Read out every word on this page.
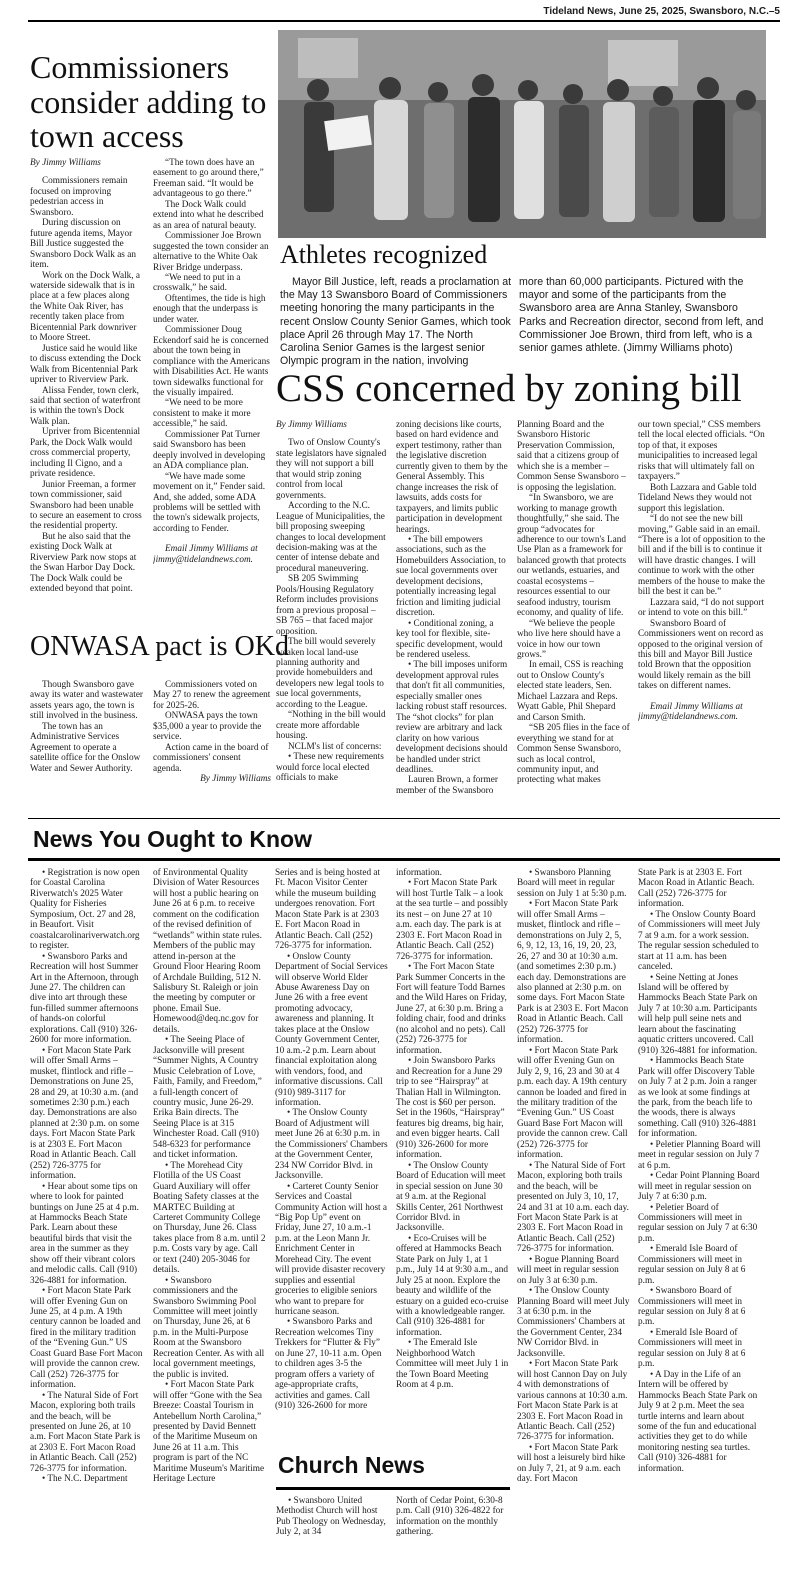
Tideland News, June 25, 2025, Swansboro, N.C.–5
Commissioners consider adding to town access

By Jimmy Williams

Commissioners remain focused on improving pedestrian access in Swansboro.

During discussion on future agenda items, Mayor Bill Justice suggested the Swansboro Dock Walk as an item.

Work on the Dock Walk, a waterside sidewalk that is in place at a few places along the White Oak River, has recently taken place from Bicentennial Park downriver to Moore Street.

Justice said he would like to discuss extending the Dock Walk from Bicentennial Park upriver to Riverview Park.

Alissa Fender, town clerk, said that section of waterfront is within the town's Dock Walk plan.

Upriver from Bicentennial Park, the Dock Walk would cross commercial property, including Il Cigno, and a private residence.

Junior Freeman, a former town commissioner, said Swansboro had been unable to secure an easement to cross the residential property.

But he also said that the existing Dock Walk at Riverview Park now stops at the Swan Harbor Day Dock. The Dock Walk could be extended beyond that point.

“The town does have an easement to go around there,” Freeman said. “It would be advantageous to go there.”

The Dock Walk could extend into what he described as an area of natural beauty.

Commissioner Joe Brown suggested the town consider an alternative to the White Oak River Bridge underpass.

“We need to put in a crosswalk,” he said.

Oftentimes, the tide is high enough that the underpass is under water.

Commissioner Doug Eckendorf said he is concerned about the town being in compliance with the Americans with Disabilities Act. He wants town sidewalks functional for the visually impaired.

“We need to be more consistent to make it more accessible,” he said.

Commissioner Pat Turner said Swansboro has been deeply involved in developing an ADA compliance plan.

“We have made some movement on it,” Fender said. And, she added, some ADA problems will be settled with the town's sidewalk projects, according to Fender.

Email Jimmy Williams at jimmy@tidelandnews.com.

Athletes recognized

Mayor Bill Justice, left, reads a proclamation at the May 13 Swansboro Board of Commissioners meeting honoring the many participants in the recent Onslow County Senior Games, which took place April 26 through May 17. The North Carolina Senior Games is the largest senior Olympic program in the nation, involving

more than 60,000 participants. Pictured with the mayor and some of the participants from the Swansboro area are Anna Stanley, Swansboro Parks and Recreation director, second from left, and Commissioner Joe Brown, third from left, who is a senior games athlete. (Jimmy Williams photo)

CSS concerned by zoning bill

By Jimmy Williams

Two of Onslow County's state legislators have signaled they will not support a bill that would strip zoning control from local governments.

According to the N.C. League of Municipalities, the bill proposing sweeping changes to local development decision-making was at the center of intense debate and procedural maneuvering.

SB 205 Swimming Pools/Housing Regulatory Reform includes provisions from a previous proposal – SB 765 – that faced major opposition.

The bill would severely weaken local land-use planning authority and provide homebuilders and developers new legal tools to sue local governments, according to the League.

“Nothing in the bill would create more affordable housing.

NCLM's list of concerns:

• These new requirements would force local elected officials to make

zoning decisions like courts, based on hard evidence and expert testimony, rather than the legislative discretion currently given to them by the General Assembly. This change increases the risk of lawsuits, adds costs for taxpayers, and limits public participation in development hearings.

• The bill empowers associations, such as the Homebuilders Association, to sue local governments over development decisions, potentially increasing legal friction and limiting judicial discretion.

• Conditional zoning, a key tool for flexible, site-specific development, would be rendered useless.

• The bill imposes uniform development approval rules that don't fit all communities, especially smaller ones lacking robust staff resources. The “shot clocks” for plan review are arbitrary and lack clarity on how various development decisions should be handled under strict deadlines.

Lauren Brown, a former member of the Swansboro

Planning Board and the Swansboro Historic Preservation Commission, said that a citizens group of which she is a member – Common Sense Swansboro – is opposing the legislation.

“In Swansboro, we are working to manage growth thoughtfully,” she said. The group “advocates for adherence to our town's Land Use Plan as a framework for balanced growth that protects our wetlands, estuaries, and coastal ecosystems – resources essential to our seafood industry, tourism economy, and quality of life.

“We believe the people who live here should have a voice in how our town grows.”

In email, CSS is reaching out to Onslow County's elected state leaders, Sen. Michael Lazzara and Reps. Wyatt Gable, Phil Shepard and Carson Smith.

“SB 205 flies in the face of everything we stand for at Common Sense Swansboro, such as local control, community input, and protecting what makes

our town special,” CSS members tell the local elected officials. “On top of that, it exposes municipalities to increased legal risks that will ultimately fall on taxpayers.”

Both Lazzara and Gable told Tideland News they would not support this legislation.

“I do not see the new bill moving,” Gable said in an email. “There is a lot of opposition to the bill and if the bill is to continue it will have drastic changes. I will continue to work with the other members of the house to make the bill the best it can be.”

Lazzara said, “I do not support or intend to vote on this bill.”

Swansboro Board of Commissioners went on record as opposed to the original version of this bill and Mayor Bill Justice told Brown that the opposition would likely remain as the bill takes on different names.

Email Jimmy Williams at jimmy@tidelandnews.com.

ONWASA pact is OKd

Though Swansboro gave away its water and wastewater assets years ago, the town is still involved in the business.

The town has an Administrative Services Agreement to operate a satellite office for the Onslow Water and Sewer Authority.

Commissioners voted on May 27 to renew the agreement for 2025-26.

ONWASA pays the town $35,000 a year to provide the service.

Action came in the board of commissioners' consent agenda.

By Jimmy Williams

News You Ought to Know

• Registration is now open for Coastal Carolina Riverwatch's 2025 Water Quality for Fisheries Symposium, Oct. 27 and 28, in Beaufort. Visit coastalcarolinariverwatch.org to register.

• Swansboro Parks and Recreation will host Summer Art in the Afternoon, through June 27. The children can dive into art through these fun-filled summer afternoons of hands-on colorful explorations. Call (910) 326-2600 for more information.

• Fort Macon State Park will offer Small Arms – musket, flintlock and rifle – Demonstrations on June 25, 28 and 29, at 10:30 a.m. (and sometimes 2:30 p.m.) each day. Demonstrations are also planned at 2:30 p.m. on some days. Fort Macon State Park is at 2303 E. Fort Macon Road in Atlantic Beach. Call (252) 726-3775 for information.

• Hear about some tips on where to look for painted buntings on June 25 at 4 p.m. at Hammocks Beach State Park. Learn about these beautiful birds that visit the area in the summer as they show off their vibrant colors and melodic calls. Call (910) 326-4881 for information.

• Fort Macon State Park will offer Evening Gun on June 25, at 4 p.m. A 19th century cannon be loaded and fired in the military tradition of the “Evening Gun.” US Coast Guard Base Fort Macon will provide the cannon crew. Call (252) 726-3775 for information.

• The Natural Side of Fort Macon, exploring both trails and the beach, will be presented on June 26, at 10 a.m. Fort Macon State Park is at 2303 E. Fort Macon Road in Atlantic Beach. Call (252) 726-3775 for information.

• The N.C. Department

of Environmental Quality Division of Water Resources will host a public hearing on June 26 at 6 p.m. to receive comment on the codification of the revised definition of “wetlands” within state rules. Members of the public may attend in-person at the Ground Floor Hearing Room of Archdale Building, 512 N. Salisbury St. Raleigh or join the meeting by computer or phone. Email Sue. Homewood@deq.nc.gov for details.

• The Seeing Place of Jacksonville will present “Summer Nights, A Country Music Celebration of Love, Faith, Family, and Freedom,” a full-length concert of country music, June 26-29. Erika Bain directs. The Seeing Place is at 315 Winchester Road. Call (910) 548-6323 for performance and ticket information.

• The Morehead City Flotilla of the US Coast Guard Auxiliary will offer Boating Safety classes at the MARTEC Building at Carteret Community College on Thursday, June 26. Class takes place from 8 a.m. until 2 p.m. Costs vary by age. Call or text (240) 205-3046 for details.

• Swansboro commissioners and the Swansboro Swimming Pool Committee will meet jointly on Thursday, June 26, at 6 p.m. in the Multi-Purpose Room at the Swansboro Recreation Center. As with all local government meetings, the public is invited.

• Fort Macon State Park will offer “Gone with the Sea Breeze: Coastal Tourism in Antebellum North Carolina,” presented by David Bennett of the Maritime Museum on June 26 at 11 a.m. This program is part of the NC Maritime Museum's Maritime Heritage Lecture

Series and is being hosted at Ft. Macon Visitor Center while the museum building undergoes renovation. Fort Macon State Park is at 2303 E. Fort Macon Road in Atlantic Beach. Call (252) 726-3775 for information.

• Onslow County Department of Social Services will observe World Elder Abuse Awareness Day on June 26 with a free event promoting advocacy, awareness and planning. It takes place at the Onslow County Government Center, 10 a.m.-2 p.m. Learn about financial exploitation along with vendors, food, and informative discussions. Call (910) 989-3117 for information.

• The Onslow County Board of Adjustment will meet June 26 at 6:30 p.m. in the Commissioners' Chambers at the Government Center, 234 NW Corridor Blvd. in Jacksonville.

• Carteret County Senior Services and Coastal Community Action will host a “Big Pop Up” event on Friday, June 27, 10 a.m.-1 p.m. at the Leon Mann Jr. Enrichment Center in Morehead City. The event will provide disaster recovery supplies and essential groceries to eligible seniors who want to prepare for hurricane season.

• Swansboro Parks and Recreation welcomes Tiny Trekkers for “Flutter & Fly” on June 27, 10-11 a.m. Open to children ages 3-5 the program offers a variety of age-appropriate crafts, activities and games. Call (910) 326-2600 for more

information.

• Fort Macon State Park will host Turtle Talk – a look at the sea turtle – and possibly its nest – on June 27 at 10 a.m. each day. The park is at 2303 E. Fort Macon Road in Atlantic Beach. Call (252) 726-3775 for information.

• The Fort Macon State Park Summer Concerts in the Fort will feature Todd Barnes and the Wild Hares on Friday, June 27, at 6:30 p.m. Bring a folding chair, food and drinks (no alcohol and no pets). Call (252) 726-3775 for information.

• Join Swansboro Parks and Recreation for a June 29 trip to see “Hairspray” at Thalian Hall in Wilmington. The cost is $60 per person. Set in the 1960s, “Hairspray” features big dreams, big hair, and even bigger hearts. Call (910) 326-2600 for more information.

• The Onslow County Board of Education will meet in special session on June 30 at 9 a.m. at the Regional Skills Center, 261 Northwest Corridor Blvd. in Jacksonville.

• Eco-Cruises will be offered at Hammocks Beach State Park on July 1, at 1 p.m., July 14 at 9:30 a.m., and July 25 at noon. Explore the beauty and wildlife of the estuary on a guided eco-cruise with a knowledgeable ranger. Call (910) 326-4881 for information.

• The Emerald Isle Neighborhood Watch Committee will meet July 1 in the Town Board Meeting Room at 4 p.m.

• Swansboro Planning Board will meet in regular session on July 1 at 5:30 p.m.

• Fort Macon State Park will offer Small Arms – musket, flintlock and rifle – demonstrations on July 2, 5, 6, 9, 12, 13, 16, 19, 20, 23, 26, 27 and 30 at 10:30 a.m. (and sometimes 2:30 p.m.) each day. Demonstrations are also planned at 2:30 p.m. on some days. Fort Macon State Park is at 2303 E. Fort Macon Road in Atlantic Beach. Call (252) 726-3775 for information.

• Fort Macon State Park will offer Evening Gun on July 2, 9, 16, 23 and 30 at 4 p.m. each day. A 19th century cannon be loaded and fired in the military tradition of the “Evening Gun.” US Coast Guard Base Fort Macon will provide the cannon crew. Call (252) 726-3775 for information.

• The Natural Side of Fort Macon, exploring both trails and the beach, will be presented on July 3, 10, 17, 24 and 31 at 10 a.m. each day. Fort Macon State Park is at 2303 E. Fort Macon Road in Atlantic Beach. Call (252) 726-3775 for information.

• Bogue Planning Board will meet in regular session on July 3 at 6:30 p.m.

• The Onslow County Planning Board will meet July 3 at 6:30 p.m. in the Commissioners' Chambers at the Government Center, 234 NW Corridor Blvd. in Jacksonville.

• Fort Macon State Park will host Cannon Day on July 4 with demonstrations of various cannons at 10:30 a.m. Fort Macon State Park is at 2303 E. Fort Macon Road in Atlantic Beach. Call (252) 726-3775 for information.

• Fort Macon State Park will host a leisurely bird hike on July 7, 21, at 9 a.m. each day. Fort Macon

State Park is at 2303 E. Fort Macon Road in Atlantic Beach. Call (252) 726-3775 for information.

• The Onslow County Board of Commissioners will meet July 7 at 9 a.m. for a work session. The regular session scheduled to start at 11 a.m. has been canceled.

• Seine Netting at Jones Island will be offered by Hammocks Beach State Park on July 7 at 10:30 a.m. Participants will help pull seine nets and learn about the fascinating aquatic critters uncovered. Call (910) 326-4881 for information.

• Hammocks Beach State Park will offer Discovery Table on July 7 at 2 p.m. Join a ranger as we look at some findings at the park, from the beach life to the woods, there is always something. Call (910) 326-4881 for information.

• Peletier Planning Board will meet in regular session on July 7 at 6 p.m.

• Cedar Point Planning Board will meet in regular session on July 7 at 6:30 p.m.

• Peletier Board of Commissioners will meet in regular session on July 7 at 6:30 p.m.

• Emerald Isle Board of Commissioners will meet in regular session on July 8 at 6 p.m.

• Swansboro Board of Commissioners will meet in regular session on July 8 at 6 p.m.

• Emerald Isle Board of Commissioners will meet in regular session on July 8 at 6 p.m.

• A Day in the Life of an Intern will be offered by Hammocks Beach State Park on July 9 at 2 p.m. Meet the sea turtle interns and learn about some of the fun and educational activities they get to do while monitoring nesting sea turtles. Call (910) 326-4881 for information.

Church News

• Swansboro United Methodist Church will host Pub Theology on Wednesday, July 2, at 34

North of Cedar Point, 6:30-8 p.m. Call (910) 326-4822 for information on the monthly gathering.
